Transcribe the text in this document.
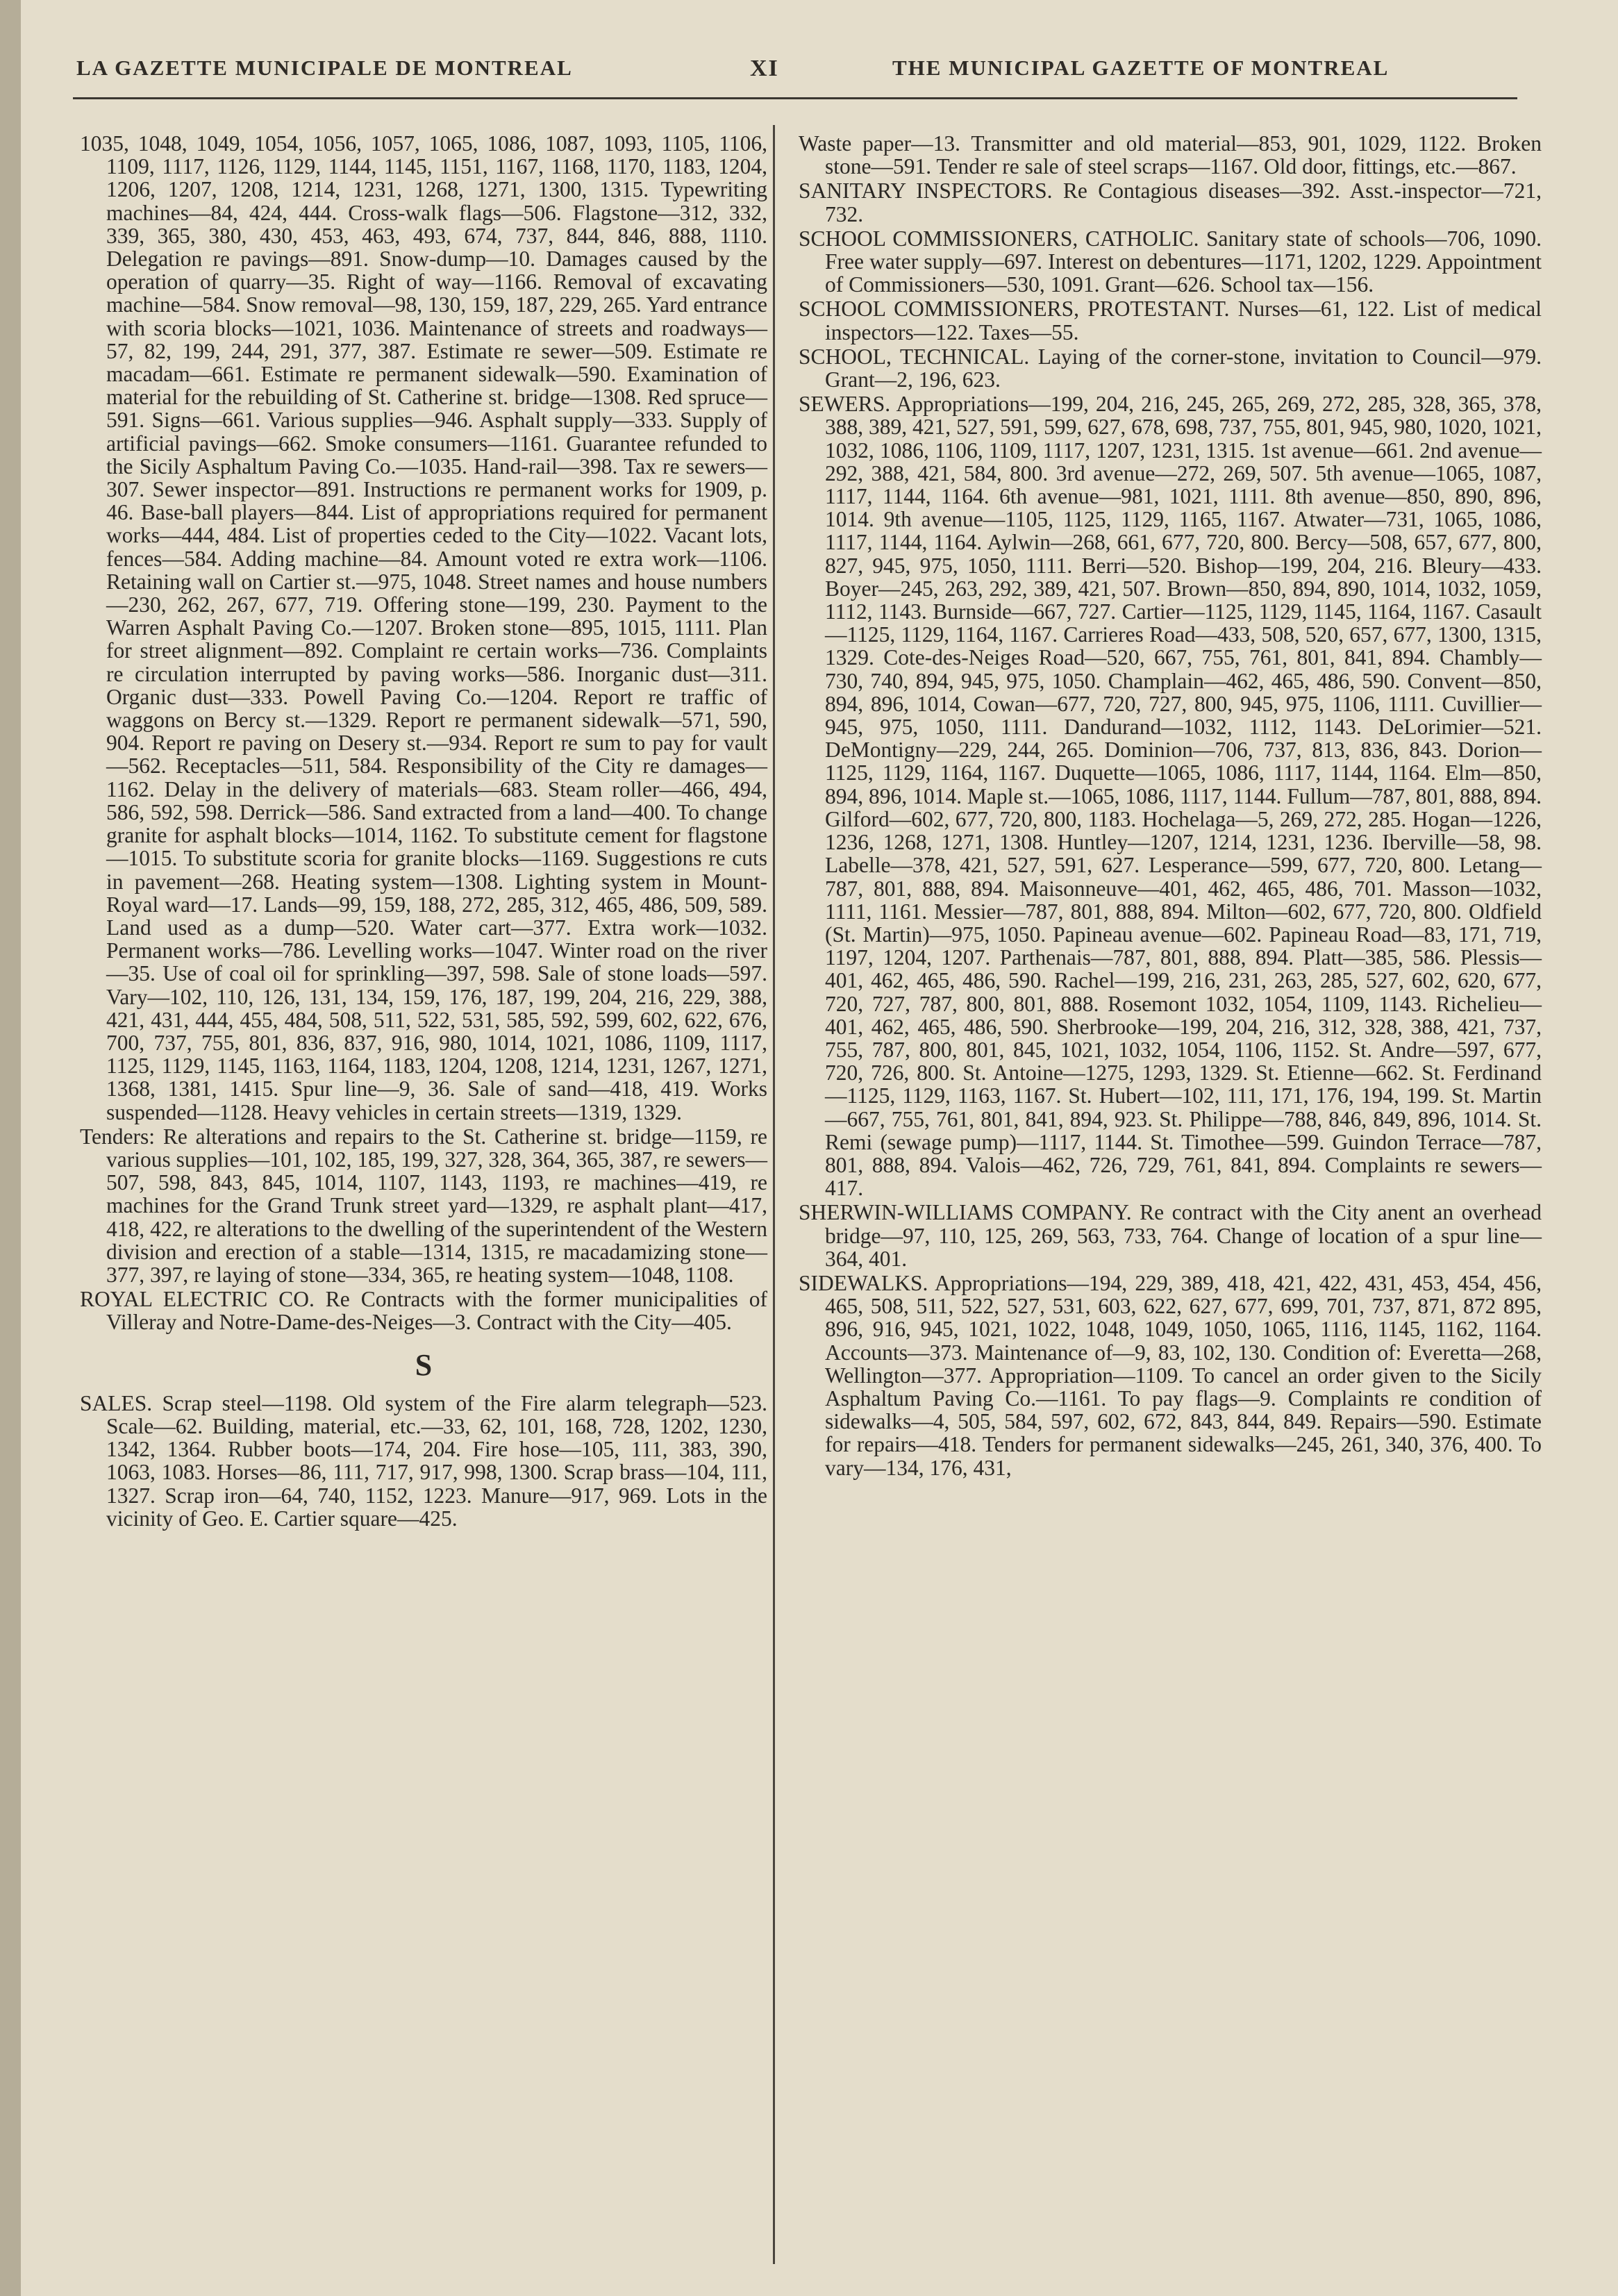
LA GAZETTE MUNICIPALE DE MONTREAL	XI	THE MUNICIPAL GAZETTE OF MONTREAL

1035, 1048, 1049, 1054, 1056, 1057, 1065, 1086, 1087, 1093, 1105, 1106, 1109, 1117, 1126, 1129, 1144, 1145, 1151, 1167, 1168, 1170, 1183, 1204, 1206, 1207, 1208, 1214, 1231, 1268, 1271, 1300, 1315. Typewriting machines—84, 424, 444. Cross-walk flags—506. Flagstone—312, 332, 339, 365, 380, 430, 453, 463, 493, 674, 737, 844, 846, 888, 1110. Delegation re pavings—891. Snow-dump—10. Damages caused by the operation of quarry—35. Right of way—1166. Removal of excavating machine—584. Snow removal—98, 130, 159, 187, 229, 265. Yard entrance with scoria blocks—1021, 1036. Maintenance of streets and roadways—57, 82, 199, 244, 291, 377, 387. Estimate re sewer—509. Estimate re macadam—661. Estimate re permanent sidewalk—590. Examination of material for the rebuilding of St. Catherine st. bridge—1308. Red spruce—591. Signs—661. Various supplies—946. Asphalt supply—333. Supply of artificial pavings—662. Smoke consumers—1161. Guarantee refunded to the Sicily Asphaltum Paving Co.—1035. Hand-rail—398. Tax re sewers—307. Sewer inspector—891. Instructions re permanent works for 1909, p. 46. Base-ball players—844. List of appropriations required for permanent works—444, 484. List of properties ceded to the City—1022. Vacant lots, fences—584. Adding machine—84. Amount voted re extra work—1106. Retaining wall on Cartier st.—975, 1048. Street names and house numbers—230, 262, 267, 677, 719. Offering stone—199, 230. Payment to the Warren Asphalt Paving Co.—1207. Broken stone—895, 1015, 1111. Plan for street alignment—892. Complaint re certain works—736. Complaints re circulation interrupted by paving works—586. Inorganic dust—311. Organic dust—333. Powell Paving Co.—1204. Report re traffic of waggons on Bercy st.—1329. Report re permanent sidewalk—571, 590, 904. Report re paving on Desery st.—934. Report re sum to pay for vault—562. Receptacles—511, 584. Responsibility of the City re damages—1162. Delay in the delivery of materials—683. Steam roller—466, 494, 586, 592, 598. Derrick—586. Sand extracted from a land—400. To change granite for asphalt blocks—1014, 1162. To substitute cement for flagstone—1015. To substitute scoria for granite blocks—1169. Suggestions re cuts in pavement—268. Heating system—1308. Lighting system in Mount-Royal ward—17. Lands—99, 159, 188, 272, 285, 312, 465, 486, 509, 589. Land used as a dump—520. Water cart—377. Extra work—1032. Permanent works—786. Levelling works—1047. Winter road on the river—35. Use of coal oil for sprinkling—397, 598. Sale of stone loads—597. Vary—102, 110, 126, 131, 134, 159, 176, 187, 199, 204, 216, 229, 388, 421, 431, 444, 455, 484, 508, 511, 522, 531, 585, 592, 599, 602, 622, 676, 700, 737, 755, 801, 836, 837, 916, 980, 1014, 1021, 1086, 1109, 1117, 1125, 1129, 1145, 1163, 1164, 1183, 1204, 1208, 1214, 1231, 1267, 1271, 1368, 1381, 1415. Spur line—9, 36. Sale of sand—418, 419. Works suspended—1128. Heavy vehicles in certain streets—1319, 1329.

Tenders: Re alterations and repairs to the St. Catherine st. bridge—1159, re various supplies—101, 102, 185, 199, 327, 328, 364, 365, 387, re sewers—507, 598, 843, 845, 1014, 1107, 1143, 1193, re machines—419, re machines for the Grand Trunk street yard—1329, re asphalt plant—417, 418, 422, re alterations to the dwelling of the superintendent of the Western division and erection of a stable—1314, 1315, re macadamizing stone—377, 397, re laying of stone—334, 365, re heating system—1048, 1108.

ROYAL ELECTRIC CO. Re Contracts with the former municipalities of Villeray and Notre-Dame-des-Neiges—3. Contract with the City—405.

S

SALES. Scrap steel—1198. Old system of the Fire alarm telegraph—523. Scale—62. Building, material, etc.—33, 62, 101, 168, 728, 1202, 1230, 1342, 1364. Rubber boots—174, 204. Fire hose—105, 111, 383, 390, 1063, 1083. Horses—86, 111, 717, 917, 998, 1300. Scrap brass—104, 111, 1327. Scrap iron—64, 740, 1152, 1223. Manure—917, 969. Lots in the vicinity of Geo. E. Cartier square—425.

Waste paper—13. Transmitter and old material—853, 901, 1029, 1122. Broken stone—591. Tender re sale of steel scraps—1167. Old door, fittings, etc.—867.

SANITARY INSPECTORS. Re Contagious diseases—392. Asst.-inspector—721, 732.

SCHOOL COMMISSIONERS, CATHOLIC. Sanitary state of schools—706, 1090. Free water supply—697. Interest on debentures—1171, 1202, 1229. Appointment of Commissioners—530, 1091. Grant—626. School tax—156.

SCHOOL COMMISSIONERS, PROTESTANT. Nurses—61, 122. List of medical inspectors—122. Taxes—55.

SCHOOL, TECHNICAL. Laying of the corner-stone, invitation to Council—979. Grant—2, 196, 623.

SEWERS. Appropriations—199, 204, 216, 245, 265, 269, 272, 285, 328, 365, 378, 388, 389, 421, 527, 591, 599, 627, 678, 698, 737, 755, 801, 945, 980, 1020, 1021, 1032, 1086, 1106, 1109, 1117, 1207, 1231, 1315. 1st avenue—661. 2nd avenue—292, 388, 421, 584, 800. 3rd avenue—272, 269, 507. 5th avenue—1065, 1087, 1117, 1144, 1164. 6th avenue—981, 1021, 1111. 8th avenue—850, 890, 896, 1014. 9th avenue—1105, 1125, 1129, 1165, 1167. Atwater—731, 1065, 1086, 1117, 1144, 1164. Aylwin—268, 661, 677, 720, 800. Bercy—508, 657, 677, 800, 827, 945, 975, 1050, 1111. Berri—520. Bishop—199, 204, 216. Bleury—433. Boyer—245, 263, 292, 389, 421, 507. Brown—850, 894, 890, 1014, 1032, 1059, 1112, 1143. Burnside—667, 727. Cartier—1125, 1129, 1145, 1164, 1167. Casault—1125, 1129, 1164, 1167. Carrieres Road—433, 508, 520, 657, 677, 1300, 1315, 1329. Cote-des-Neiges Road—520, 667, 755, 761, 801, 841, 894. Chambly—730, 740, 894, 945, 975, 1050. Champlain—462, 465, 486, 590. Convent—850, 894, 896, 1014, Cowan—677, 720, 727, 800, 945, 975, 1106, 1111. Cuvillier—945, 975, 1050, 1111. Dandurand—1032, 1112, 1143. DeLorimier—521. DeMontigny—229, 244, 265. Dominion—706, 737, 813, 836, 843. Dorion—1125, 1129, 1164, 1167. Duquette—1065, 1086, 1117, 1144, 1164. Elm—850, 894, 896, 1014. Maple st.—1065, 1086, 1117, 1144. Fullum—787, 801, 888, 894. Gilford—602, 677, 720, 800, 1183. Hochelaga—5, 269, 272, 285. Hogan—1226, 1236, 1268, 1271, 1308. Huntley—1207, 1214, 1231, 1236. Iberville—58, 98. Labelle—378, 421, 527, 591, 627. Lesperance—599, 677, 720, 800. Letang—787, 801, 888, 894. Maisonneuve—401, 462, 465, 486, 701. Masson—1032, 1111, 1161. Messier—787, 801, 888, 894. Milton—602, 677, 720, 800. Oldfield (St. Martin)—975, 1050. Papineau avenue—602. Papineau Road—83, 171, 719, 1197, 1204, 1207. Parthenais—787, 801, 888, 894. Platt—385, 586. Plessis—401, 462, 465, 486, 590. Rachel—199, 216, 231, 263, 285, 527, 602, 620, 677, 720, 727, 787, 800, 801, 888. Rosemont 1032, 1054, 1109, 1143. Richelieu—401, 462, 465, 486, 590. Sherbrooke—199, 204, 216, 312, 328, 388, 421, 737, 755, 787, 800, 801, 845, 1021, 1032, 1054, 1106, 1152. St. Andre—597, 677, 720, 726, 800. St. Antoine—1275, 1293, 1329. St. Etienne—662. St. Ferdinand—1125, 1129, 1163, 1167. St. Hubert—102, 111, 171, 176, 194, 199. St. Martin—667, 755, 761, 801, 841, 894, 923. St. Philippe—788, 846, 849, 896, 1014. St. Remi (sewage pump)—1117, 1144. St. Timothee—599. Guindon Terrace—787, 801, 888, 894. Valois—462, 726, 729, 761, 841, 894. Complaints re sewers—417.

SHERWIN-WILLIAMS COMPANY. Re contract with the City anent an overhead bridge—97, 110, 125, 269, 563, 733, 764. Change of location of a spur line—364, 401.

SIDEWALKS. Appropriations—194, 229, 389, 418, 421, 422, 431, 453, 454, 456, 465, 508, 511, 522, 527, 531, 603, 622, 627, 677, 699, 701, 737, 871, 872 895, 896, 916, 945, 1021, 1022, 1048, 1049, 1050, 1065, 1116, 1145, 1162, 1164. Accounts—373. Maintenance of—9, 83, 102, 130. Condition of: Everetta—268, Wellington—377. Appropriation—1109. To cancel an order given to the Sicily Asphaltum Paving Co.—1161. To pay flags—9. Complaints re condition of sidewalks—4, 505, 584, 597, 602, 672, 843, 844, 849. Repairs—590. Estimate for repairs—418. Tenders for permanent sidewalks—245, 261, 340, 376, 400. To vary—134, 176, 431,
